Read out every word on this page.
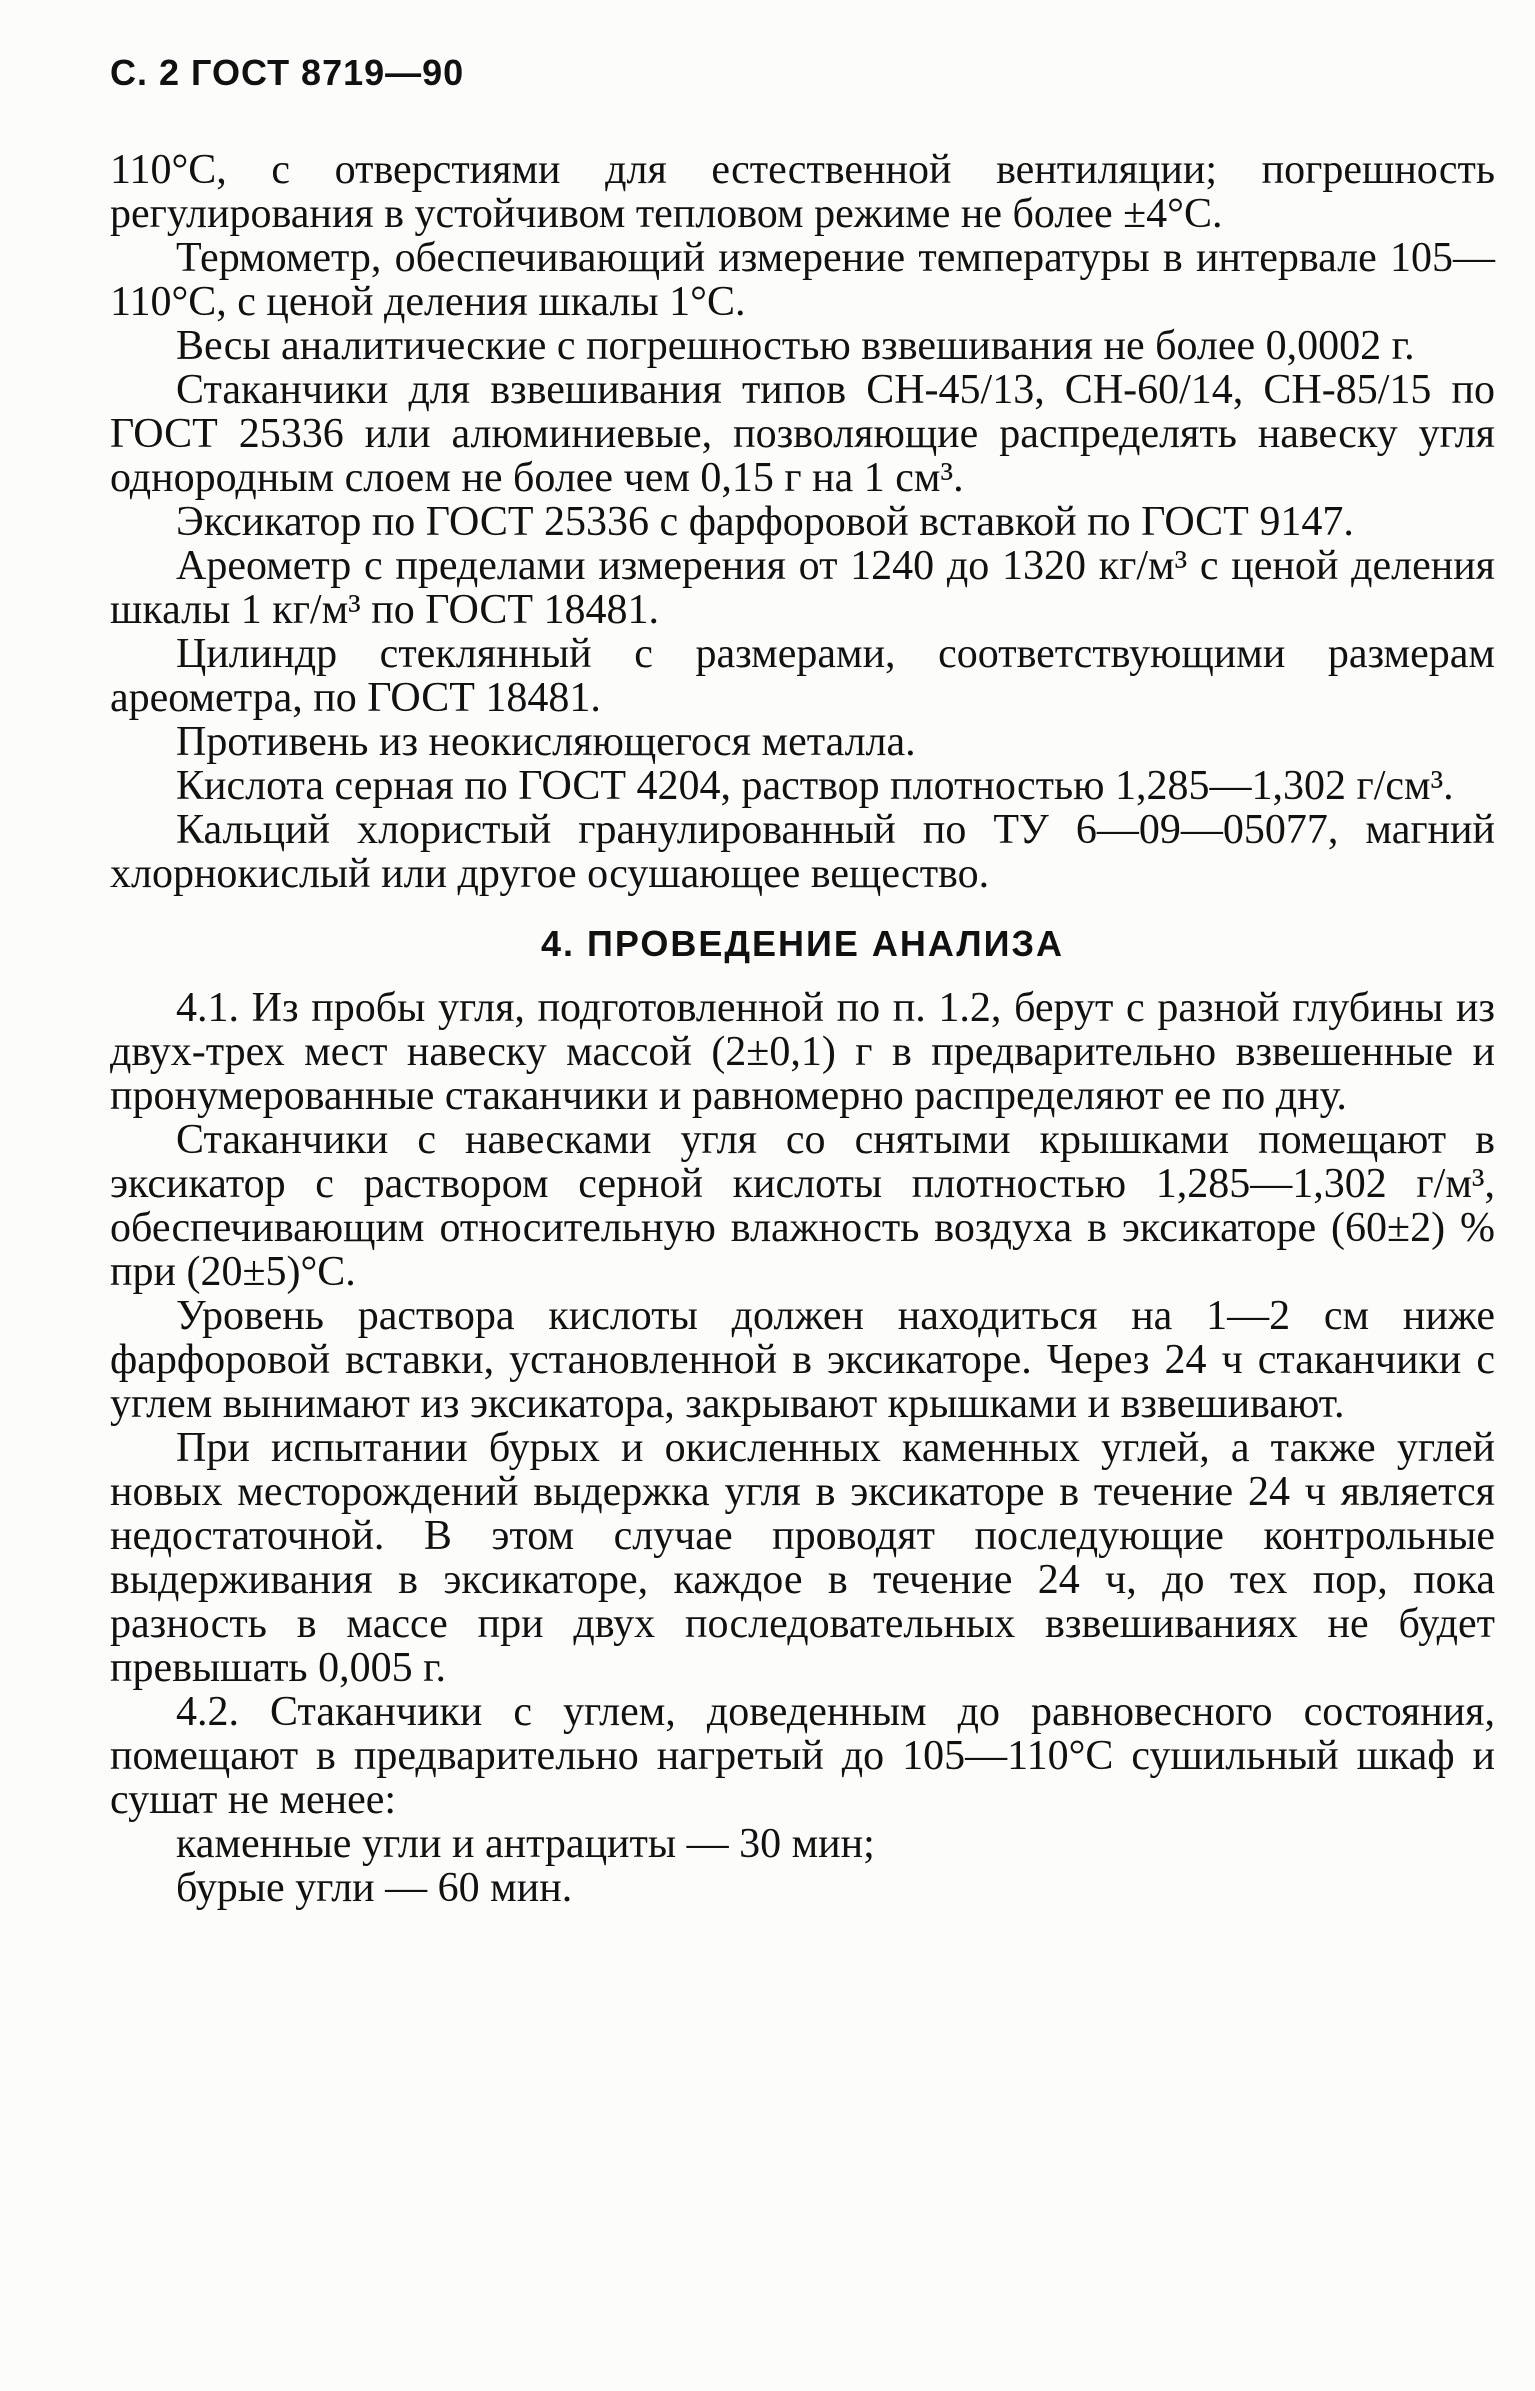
С. 2 ГОСТ 8719—90

110°С, с отверстиями для естественной вентиляции; погрешность регулирования в устойчивом тепловом режиме не более ±4°С.

Термометр, обеспечивающий измерение температуры в интервале 105—110°С, с ценой деления шкалы 1°С.

Весы аналитические с погрешностью взвешивания не более 0,0002 г.

Стаканчики для взвешивания типов СН-45/13, СН-60/14, СН-85/15 по ГОСТ 25336 или алюминиевые, позволяющие распределять навеску угля однородным слоем не более чем 0,15 г на 1 см³.

Эксикатор по ГОСТ 25336 с фарфоровой вставкой по ГОСТ 9147.

Ареометр с пределами измерения от 1240 до 1320 кг/м³ с ценой деления шкалы 1 кг/м³ по ГОСТ 18481.

Цилиндр стеклянный с размерами, соответствующими размерам ареометра, по ГОСТ 18481.

Противень из неокисляющегося металла.

Кислота серная по ГОСТ 4204, раствор плотностью 1,285—1,302 г/см³.

Кальций хлористый гранулированный по ТУ 6—09—05077, магний хлорнокислый или другое осушающее вещество.

4. ПРОВЕДЕНИЕ АНАЛИЗА

4.1. Из пробы угля, подготовленной по п. 1.2, берут с разной глубины из двух-трех мест навеску массой (2±0,1) г в предварительно взвешенные и пронумерованные стаканчики и равномерно распределяют ее по дну.

Стаканчики с навесками угля со снятыми крышками помещают в эксикатор с раствором серной кислоты плотностью 1,285—1,302 г/м³, обеспечивающим относительную влажность воздуха в эксикаторе (60±2) % при (20±5)°С.

Уровень раствора кислоты должен находиться на 1—2 см ниже фарфоровой вставки, установленной в эксикаторе. Через 24 ч стаканчики с углем вынимают из эксикатора, закрывают крышками и взвешивают.

При испытании бурых и окисленных каменных углей, а также углей новых месторождений выдержка угля в эксикаторе в течение 24 ч является недостаточной. В этом случае проводят последующие контрольные выдерживания в эксикаторе, каждое в течение 24 ч, до тех пор, пока разность в массе при двух последовательных взвешиваниях не будет превышать 0,005 г.

4.2. Стаканчики с углем, доведенным до равновесного состояния, помещают в предварительно нагретый до 105—110°С сушильный шкаф и сушат не менее:

каменные угли и антрациты — 30 мин;

бурые угли — 60 мин.
